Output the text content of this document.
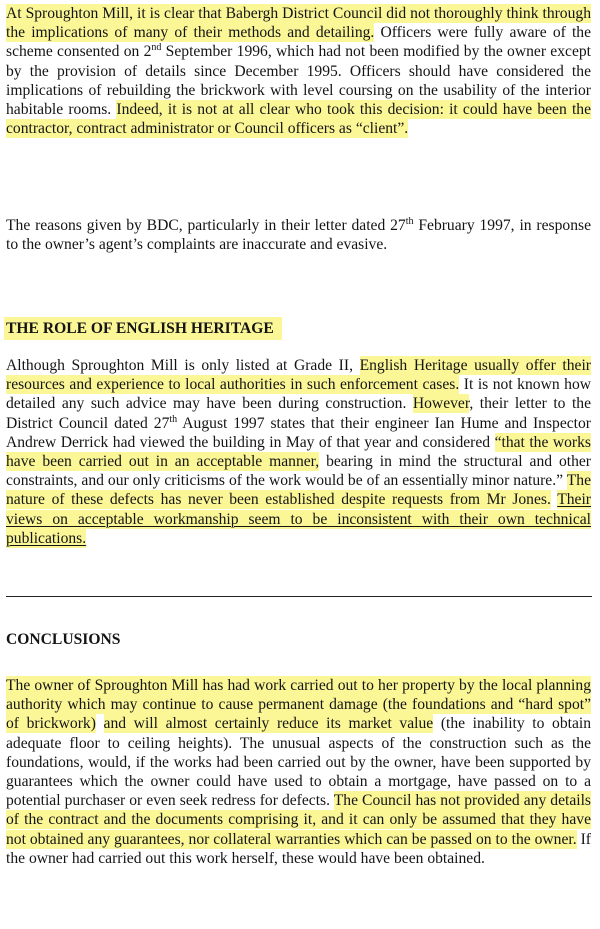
At Sproughton Mill, it is clear that Babergh District Council did not thoroughly think through the implications of many of their methods and detailing. Officers were fully aware of the scheme consented on 2nd September 1996, which had not been modified by the owner except by the provision of details since December 1995. Officers should have considered the implications of rebuilding the brickwork with level coursing on the usability of the interior habitable rooms. Indeed, it is not at all clear who took this decision: it could have been the contractor, contract administrator or Council officers as “client”.

The reasons given by BDC, particularly in their letter dated 27th February 1997, in response to the owner’s agent’s complaints are inaccurate and evasive.

THE ROLE OF ENGLISH HERITAGE

Although Sproughton Mill is only listed at Grade II, English Heritage usually offer their resources and experience to local authorities in such enforcement cases. It is not known how detailed any such advice may have been during construction. However, their letter to the District Council dated 27th August 1997 states that their engineer Ian Hume and Inspector Andrew Derrick had viewed the building in May of that year and considered “that the works have been carried out in an acceptable manner, bearing in mind the structural and other constraints, and our only criticisms of the work would be of an essentially minor nature.” The nature of these defects has never been established despite requests from Mr Jones. Their views on acceptable workmanship seem to be inconsistent with their own technical publications.

CONCLUSIONS

The owner of Sproughton Mill has had work carried out to her property by the local planning authority which may continue to cause permanent damage (the foundations and “hard spot” of brickwork) and will almost certainly reduce its market value (the inability to obtain adequate floor to ceiling heights). The unusual aspects of the construction such as the foundations, would, if the works had been carried out by the owner, have been supported by guarantees which the owner could have used to obtain a mortgage, have passed on to a potential purchaser or even seek redress for defects. The Council has not provided any details of the contract and the documents comprising it, and it can only be assumed that they have not obtained any guarantees, nor collateral warranties which can be passed on to the owner. If the owner had carried out this work herself, these would have been obtained.
